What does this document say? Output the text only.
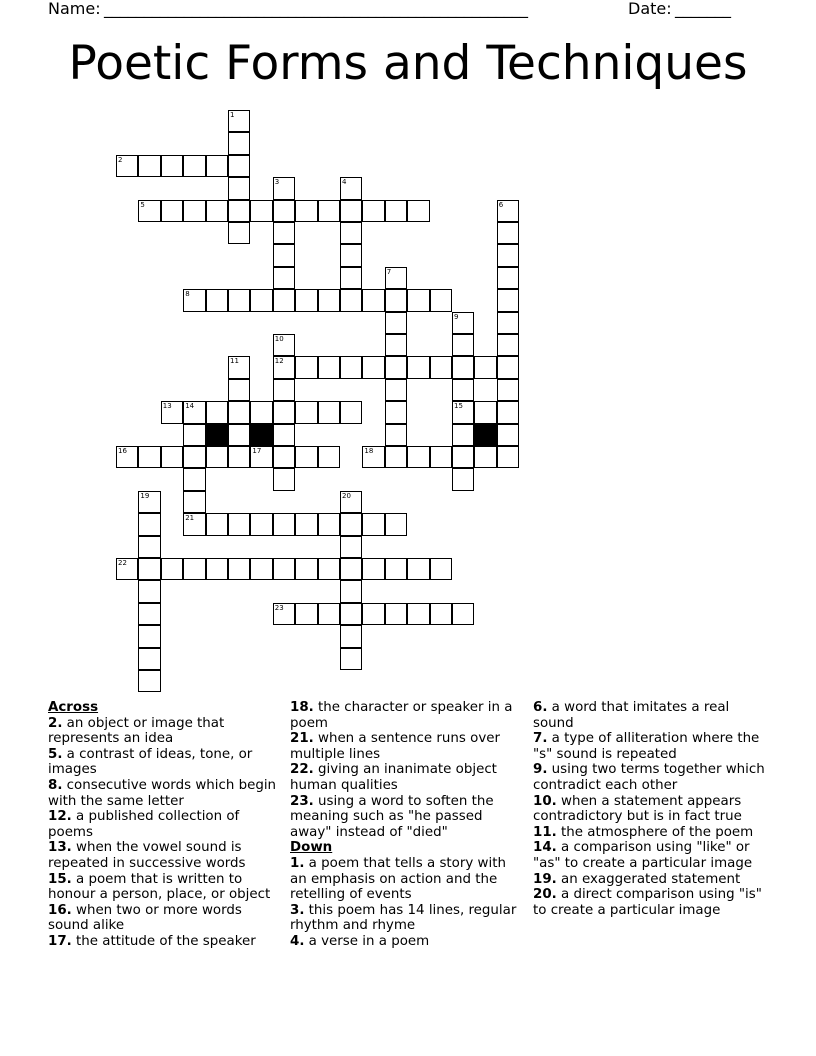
Name: _____________________________________________________	Date: _______
Poetic Forms and Techniques
1
2
3	4
5	6
7
8
9
15
10
12
11
13 14
21
16	17	18
19	20
22
23
Across
2. an object or image that represents an idea
5. a contrast of ideas, tone, or images
8. consecutive words which begin with the same letter
12. a published collection of poems
13. when the vowel sound is repeated in successive words
15. a poem that is written to honour a person, place, or object
16. when two or more words sound alike
17. the attitude of the speaker
18. the character or speaker in a poem
21. when a sentence runs over multiple lines
22. giving an inanimate object human qualities
23. using a word to soften the meaning such as "he passed away" instead of "died"
Down
1. a poem that tells a story with an emphasis on action and the retelling of events
3. this poem has 14 lines, regular rhythm and rhyme
4. a verse in a poem
6. a word that imitates a real sound
7. a type of alliteration where the "s" sound is repeated
9. using two terms together which contradict each other
10. when a statement appears contradictory but is in fact true
11. the atmosphere of the poem
14. a comparison using "like" or "as" to create a particular image
19. an exaggerated statement
20. a direct comparison using "is" to create a particular image
